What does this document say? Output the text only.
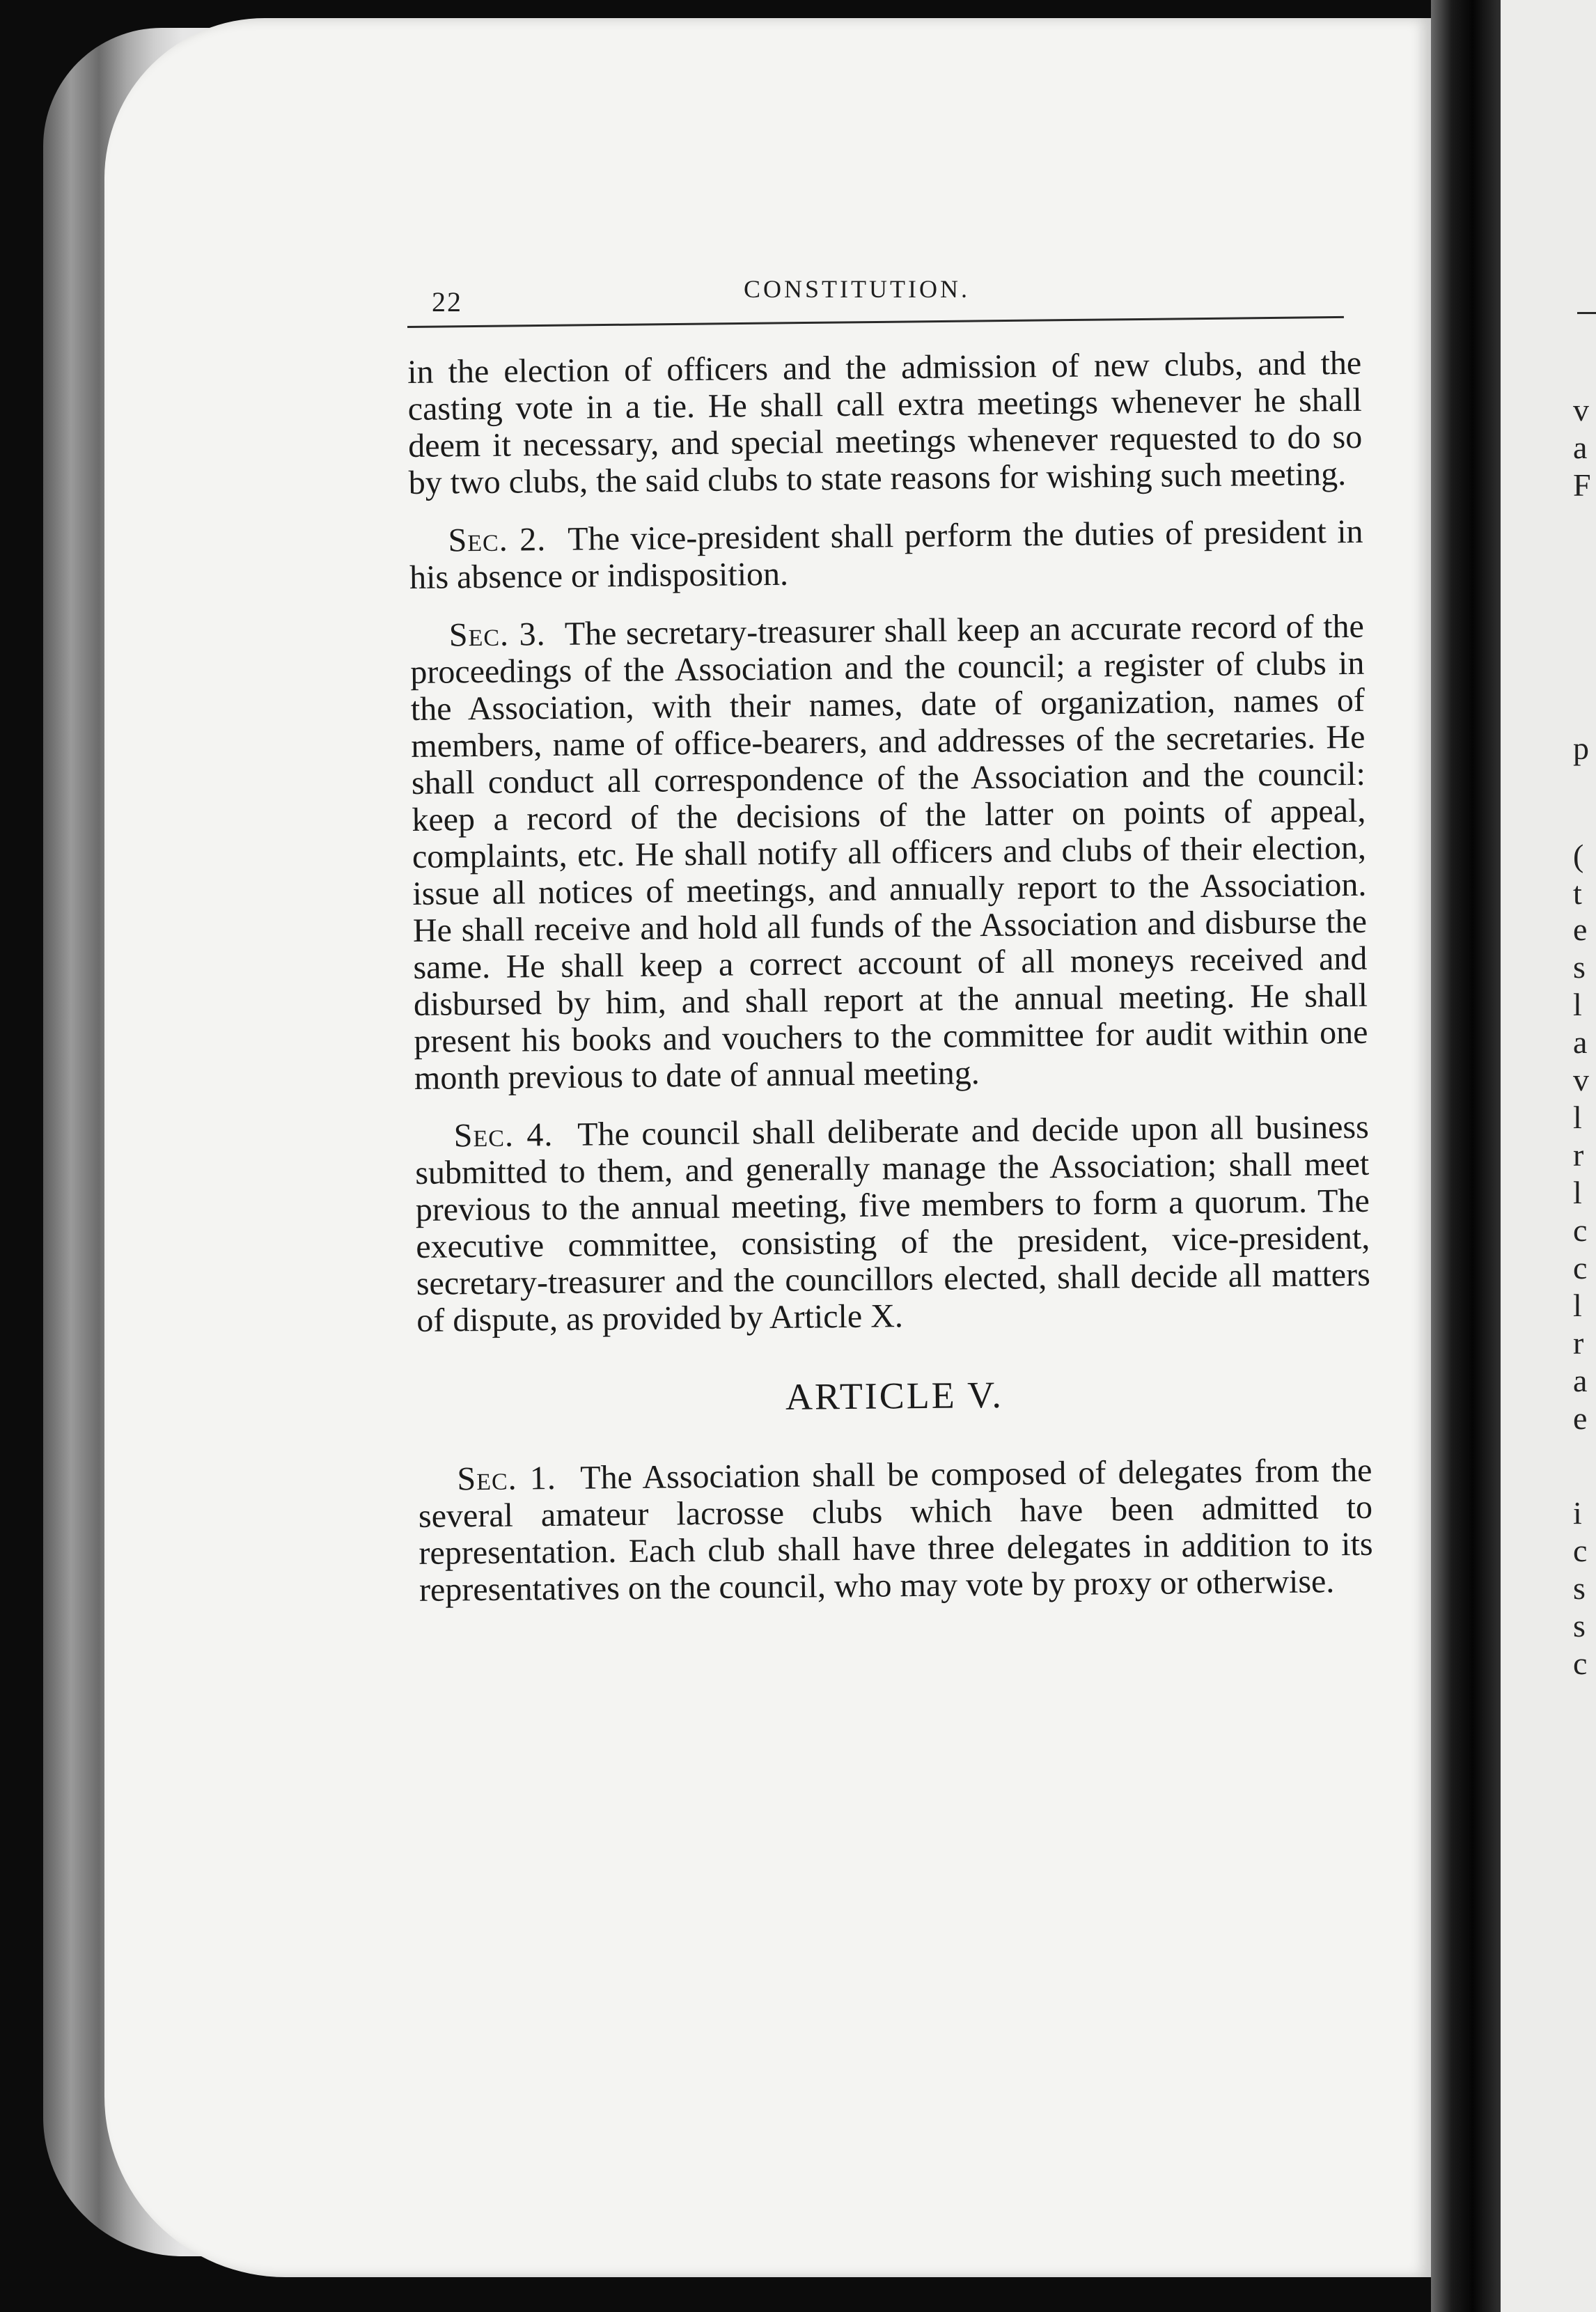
v
a
F
p
(
t
e
s
l
a
v
l
r
l
c
c
l
r
a
e
i
c
s
s
c
22	CONSTITUTION.

in the election of officers and the admission of new clubs, and the casting vote in a tie. He shall call extra meetings whenever he shall deem it necessary, and special meetings whenever requested to do so by two clubs, the said clubs to state reasons for wishing such meeting.

Sec. 2. The vice-president shall perform the duties of president in his absence or indisposition.

Sec. 3. The secretary-treasurer shall keep an accurate record of the proceedings of the Association and the council; a register of clubs in the Association, with their names, date of organization, names of members, name of office-bearers, and addresses of the secretaries. He shall conduct all correspondence of the Association and the council: keep a record of the decisions of the latter on points of appeal, complaints, etc. He shall notify all officers and clubs of their election, issue all notices of meetings, and annually report to the Association. He shall receive and hold all funds of the Association and disburse the same. He shall keep a correct account of all moneys received and disbursed by him, and shall report at the annual meeting. He shall present his books and vouchers to the committee for audit within one month previous to date of annual meeting.

Sec. 4. The council shall deliberate and decide upon all business submitted to them, and generally manage the Association; shall meet previous to the annual meeting, five members to form a quorum. The executive committee, consisting of the president, vice-president, secretary-treasurer and the councillors elected, shall decide all matters of dispute, as provided by Article X.

ARTICLE V.

Sec. 1. The Association shall be composed of delegates from the several amateur lacrosse clubs which have been admitted to representation. Each club shall have three delegates in addition to its representatives on the council, who may vote by proxy or otherwise.
